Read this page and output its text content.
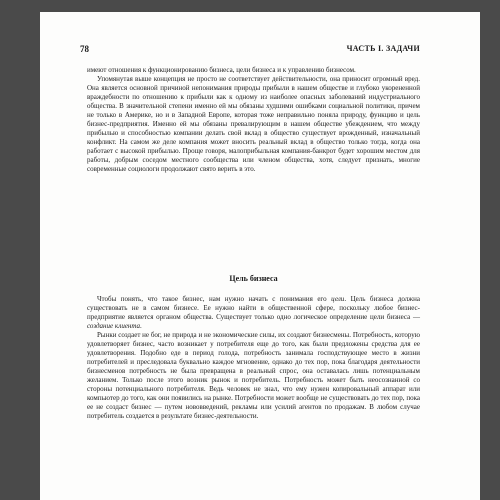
78	ЧАСТЬ I. ЗАДАЧИ

имеют отношения к функционированию бизнеса, цели бизнеса и к управлению бизнесом.

Упомянутая выше концепция не просто не соответствует действительности, она приносит огромный вред. Она является основной причиной непонимания природы прибыли в нашем обществе и глубоко укорененной враждебности по отношению к прибыли как к одному из наиболее опасных заболеваний индустриального общества. В значительной степени именно ей мы обязаны худшими ошибками социальной политики, причем не только в Америке, но и в Западной Европе, которая тоже неправильно поняла природу, функцию и цель бизнес-предприятия. Именно ей мы обязаны превалирующим в нашем обществе убеждением, что между прибылью и способностью компании делать свой вклад в общество существует врожденный, изначальный конфликт. На самом же деле компания может вносить реальный вклад в общество только тогда, когда она работает с высокой прибылью. Проще говоря, малоприбыльная компания-банкрот будет хорошим местом для работы, добрым соседом местного сообщества или членом общества, хотя, следует признать, многие современные социологи продолжают свято верить в это.

Цель бизнеса

Чтобы понять, что такое бизнес, нам нужно начать с понимания его цели. Цель бизнеса должна существовать не в самом бизнесе. Ее нужно найти в общественной сфере, поскольку любое бизнес-предприятие является органом общества. Существует только одно логическое определение цели бизнеса — создание клиента.

Рынки создает не бог, не природа и не экономические силы, их создают бизнесмены. Потребность, которую удовлетворяет бизнес, часто возникает у потребителя еще до того, как были предложены средства для ее удовлетворения. Подобно еде в период голода, потребность занимала господствующее место в жизни потребителей и преследовала буквально каждое мгновение, однако до тех пор, пока благодаря деятельности бизнесменов потребность не была превращена в реальный спрос, она оставалась лишь потенциальным желанием. Только после этого возник рынок и потребитель. Потребность может быть неосознанной со стороны потенциального потребителя. Ведь человек не знал, что ему нужен копировальный аппарат или компьютер до того, как они появились на рынке. Потребности может вообще не существовать до тех пор, пока ее не создаст бизнес — путем нововведений, рекламы или усилий агентов по продажам. В любом случае потребитель создается в результате бизнес-деятельности.
